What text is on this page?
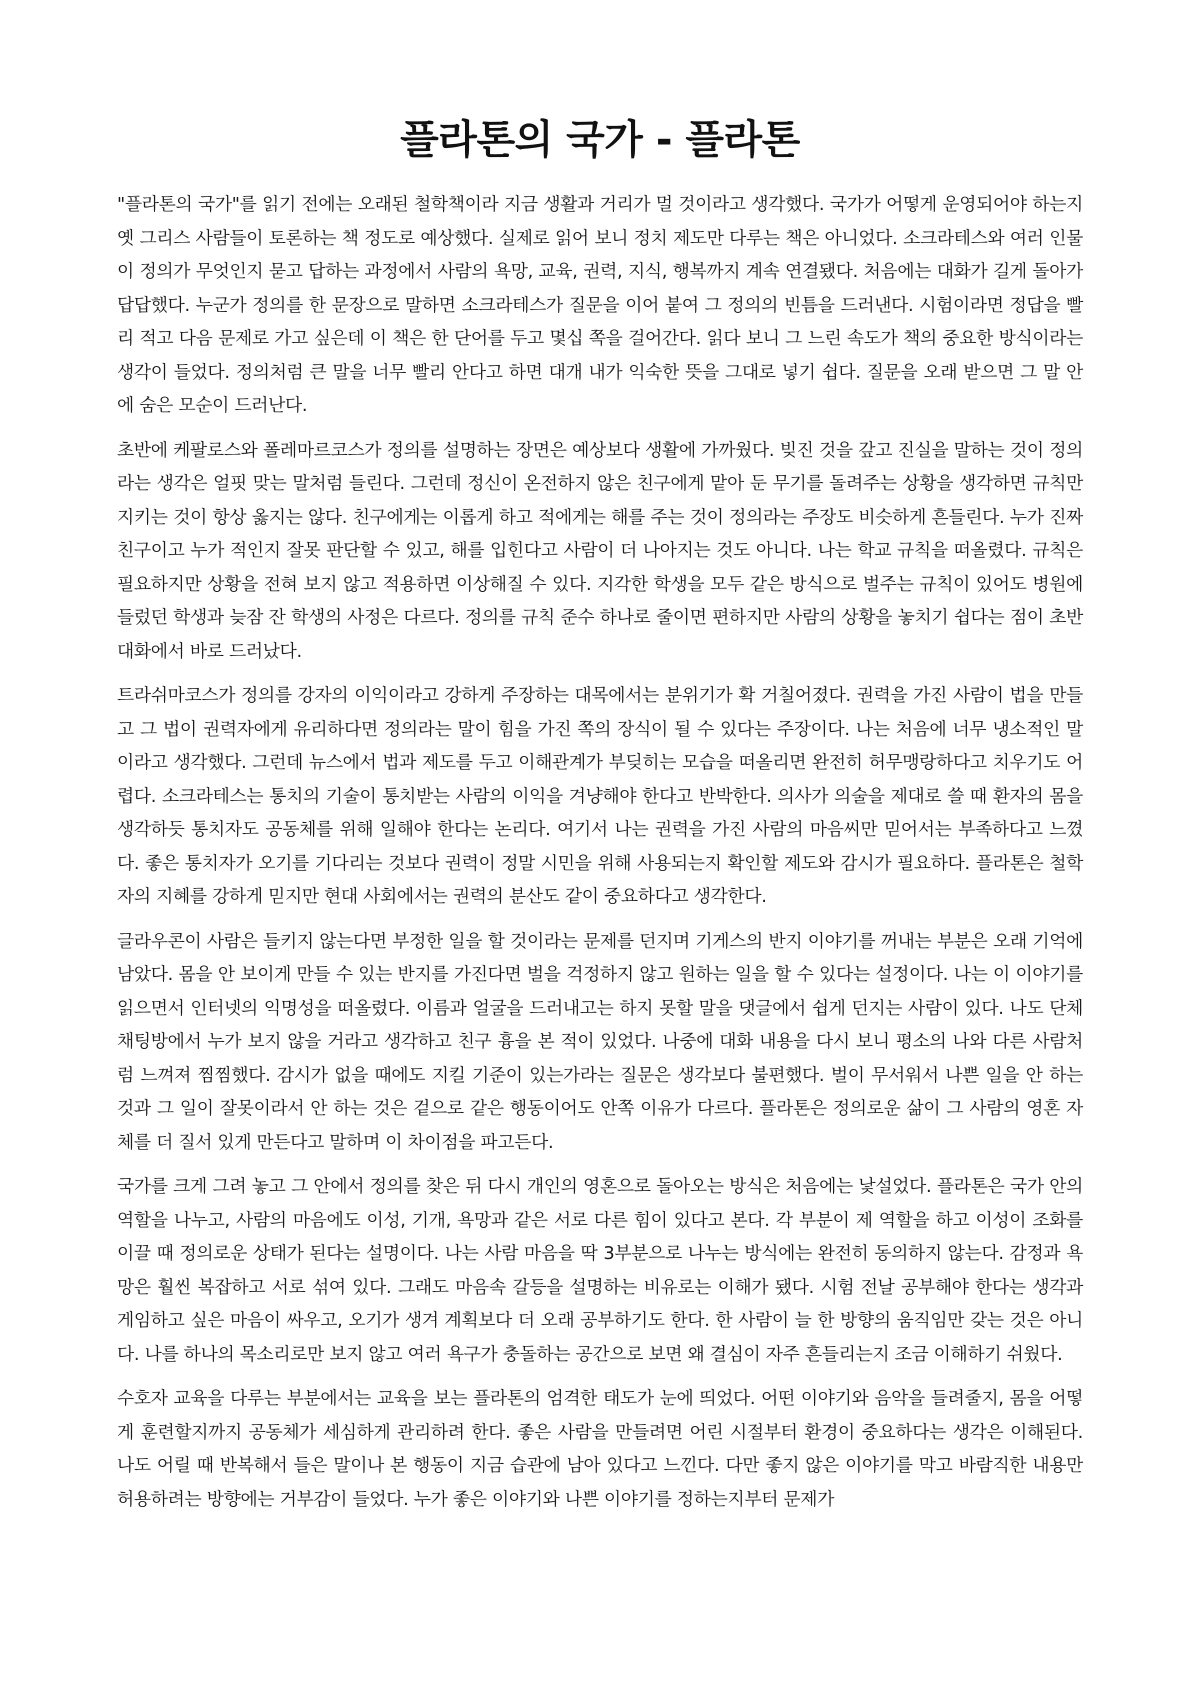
플라톤의 국가 - 플라톤

"플라톤의 국가"를 읽기 전에는 오래된 철학책이라 지금 생활과 거리가 멀 것이라고 생각했다. 국가가 어떻게 운영되어야 하는지 옛 그리스 사람들이 토론하는 책 정도로 예상했다. 실제로 읽어 보니 정치 제도만 다루는 책은 아니었다. 소크라테스와 여러 인물이 정의가 무엇인지 묻고 답하는 과정에서 사람의 욕망, 교육, 권력, 지식, 행복까지 계속 연결됐다. 처음에는 대화가 길게 돌아가 답답했다. 누군가 정의를 한 문장으로 말하면 소크라테스가 질문을 이어 붙여 그 정의의 빈틈을 드러낸다. 시험이라면 정답을 빨리 적고 다음 문제로 가고 싶은데 이 책은 한 단어를 두고 몇십 쪽을 걸어간다. 읽다 보니 그 느린 속도가 책의 중요한 방식이라는 생각이 들었다. 정의처럼 큰 말을 너무 빨리 안다고 하면 대개 내가 익숙한 뜻을 그대로 넣기 쉽다. 질문을 오래 받으면 그 말 안에 숨은 모순이 드러난다.

초반에 케팔로스와 폴레마르코스가 정의를 설명하는 장면은 예상보다 생활에 가까웠다. 빚진 것을 갚고 진실을 말하는 것이 정의라는 생각은 얼핏 맞는 말처럼 들린다. 그런데 정신이 온전하지 않은 친구에게 맡아 둔 무기를 돌려주는 상황을 생각하면 규칙만 지키는 것이 항상 옳지는 않다. 친구에게는 이롭게 하고 적에게는 해를 주는 것이 정의라는 주장도 비슷하게 흔들린다. 누가 진짜 친구이고 누가 적인지 잘못 판단할 수 있고, 해를 입힌다고 사람이 더 나아지는 것도 아니다. 나는 학교 규칙을 떠올렸다. 규칙은 필요하지만 상황을 전혀 보지 않고 적용하면 이상해질 수 있다. 지각한 학생을 모두 같은 방식으로 벌주는 규칙이 있어도 병원에 들렀던 학생과 늦잠 잔 학생의 사정은 다르다. 정의를 규칙 준수 하나로 줄이면 편하지만 사람의 상황을 놓치기 쉽다는 점이 초반 대화에서 바로 드러났다.

트라쉬마코스가 정의를 강자의 이익이라고 강하게 주장하는 대목에서는 분위기가 확 거칠어졌다. 권력을 가진 사람이 법을 만들고 그 법이 권력자에게 유리하다면 정의라는 말이 힘을 가진 쪽의 장식이 될 수 있다는 주장이다. 나는 처음에 너무 냉소적인 말이라고 생각했다. 그런데 뉴스에서 법과 제도를 두고 이해관계가 부딪히는 모습을 떠올리면 완전히 허무맹랑하다고 치우기도 어렵다. 소크라테스는 통치의 기술이 통치받는 사람의 이익을 겨냥해야 한다고 반박한다. 의사가 의술을 제대로 쓸 때 환자의 몸을 생각하듯 통치자도 공동체를 위해 일해야 한다는 논리다. 여기서 나는 권력을 가진 사람의 마음씨만 믿어서는 부족하다고 느꼈다. 좋은 통치자가 오기를 기다리는 것보다 권력이 정말 시민을 위해 사용되는지 확인할 제도와 감시가 필요하다. 플라톤은 철학자의 지혜를 강하게 믿지만 현대 사회에서는 권력의 분산도 같이 중요하다고 생각한다.

글라우콘이 사람은 들키지 않는다면 부정한 일을 할 것이라는 문제를 던지며 기게스의 반지 이야기를 꺼내는 부분은 오래 기억에 남았다. 몸을 안 보이게 만들 수 있는 반지를 가진다면 벌을 걱정하지 않고 원하는 일을 할 수 있다는 설정이다. 나는 이 이야기를 읽으면서 인터넷의 익명성을 떠올렸다. 이름과 얼굴을 드러내고는 하지 못할 말을 댓글에서 쉽게 던지는 사람이 있다. 나도 단체 채팅방에서 누가 보지 않을 거라고 생각하고 친구 흉을 본 적이 있었다. 나중에 대화 내용을 다시 보니 평소의 나와 다른 사람처럼 느껴져 찜찜했다. 감시가 없을 때에도 지킬 기준이 있는가라는 질문은 생각보다 불편했다. 벌이 무서워서 나쁜 일을 안 하는 것과 그 일이 잘못이라서 안 하는 것은 겉으로 같은 행동이어도 안쪽 이유가 다르다. 플라톤은 정의로운 삶이 그 사람의 영혼 자체를 더 질서 있게 만든다고 말하며 이 차이점을 파고든다.

국가를 크게 그려 놓고 그 안에서 정의를 찾은 뒤 다시 개인의 영혼으로 돌아오는 방식은 처음에는 낯설었다. 플라톤은 국가 안의 역할을 나누고, 사람의 마음에도 이성, 기개, 욕망과 같은 서로 다른 힘이 있다고 본다. 각 부분이 제 역할을 하고 이성이 조화를 이끌 때 정의로운 상태가 된다는 설명이다. 나는 사람 마음을 딱 3부분으로 나누는 방식에는 완전히 동의하지 않는다. 감정과 욕망은 훨씬 복잡하고 서로 섞여 있다. 그래도 마음속 갈등을 설명하는 비유로는 이해가 됐다. 시험 전날 공부해야 한다는 생각과 게임하고 싶은 마음이 싸우고, 오기가 생겨 계획보다 더 오래 공부하기도 한다. 한 사람이 늘 한 방향의 움직임만 갖는 것은 아니다. 나를 하나의 목소리로만 보지 않고 여러 욕구가 충돌하는 공간으로 보면 왜 결심이 자주 흔들리는지 조금 이해하기 쉬웠다.

수호자 교육을 다루는 부분에서는 교육을 보는 플라톤의 엄격한 태도가 눈에 띄었다. 어떤 이야기와 음악을 들려줄지, 몸을 어떻게 훈련할지까지 공동체가 세심하게 관리하려 한다. 좋은 사람을 만들려면 어린 시절부터 환경이 중요하다는 생각은 이해된다. 나도 어릴 때 반복해서 들은 말이나 본 행동이 지금 습관에 남아 있다고 느낀다. 다만 좋지 않은 이야기를 막고 바람직한 내용만 허용하려는 방향에는 거부감이 들었다. 누가 좋은 이야기와 나쁜 이야기를 정하는지부터 문제가
